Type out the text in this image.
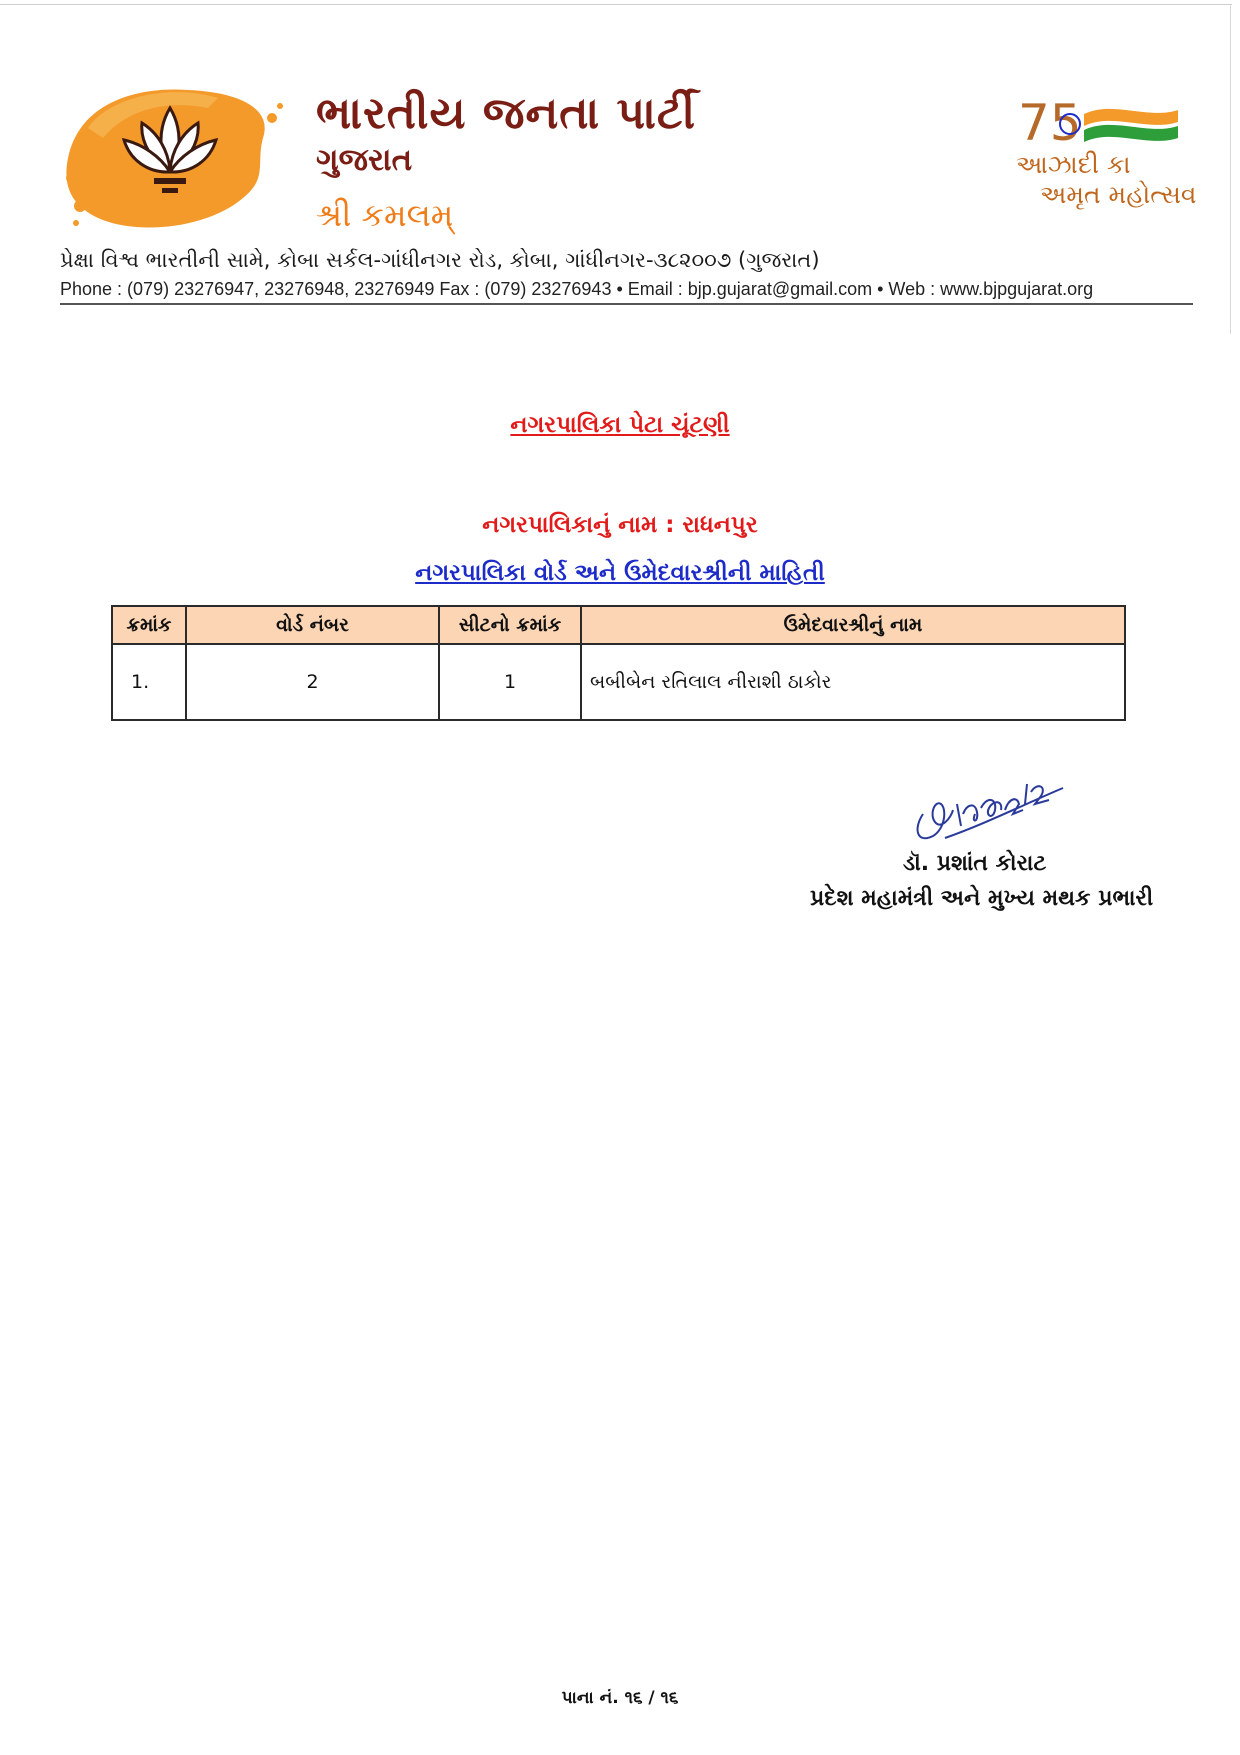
ભારતીય જનતા પાર્ટી
ગુજરાત
શ્રી કમલમ્
75
આઝાદી કા
અમૃત મહોત્સવ
પ્રેક્ષા વિશ્વ ભારતીની સામે, કોબા સર્કલ-ગાંધીનગર રોડ, કોબા, ગાંધીનગર-૩૮૨૦૦૭ (ગુજરાત)
Phone : (079) 23276947, 23276948, 23276949 Fax : (079) 23276943 • Email : bjp.gujarat@gmail.com • Web : www.bjpgujarat.org
નગરપાલિકા પેટા ચૂંટણી
નગરપાલિકાનું નામ : રાધનપુર
નગરપાલિકા વોર્ડ અને ઉમેદવારશ્રીની માહિતી
ક્રમાંક	વોર્ડ નંબર	સીટનો ક્રમાંક	ઉમેદવારશ્રીનું નામ
1.	2	1	બબીબેન રતિલાલ નીરાશી ઠાકોર
ડૉ. પ્રશાંત કોરાટ
પ્રદેશ મહામંત્રી અને મુખ્ય મથક પ્રભારી
પાના નં. ૧૬ / ૧૬
